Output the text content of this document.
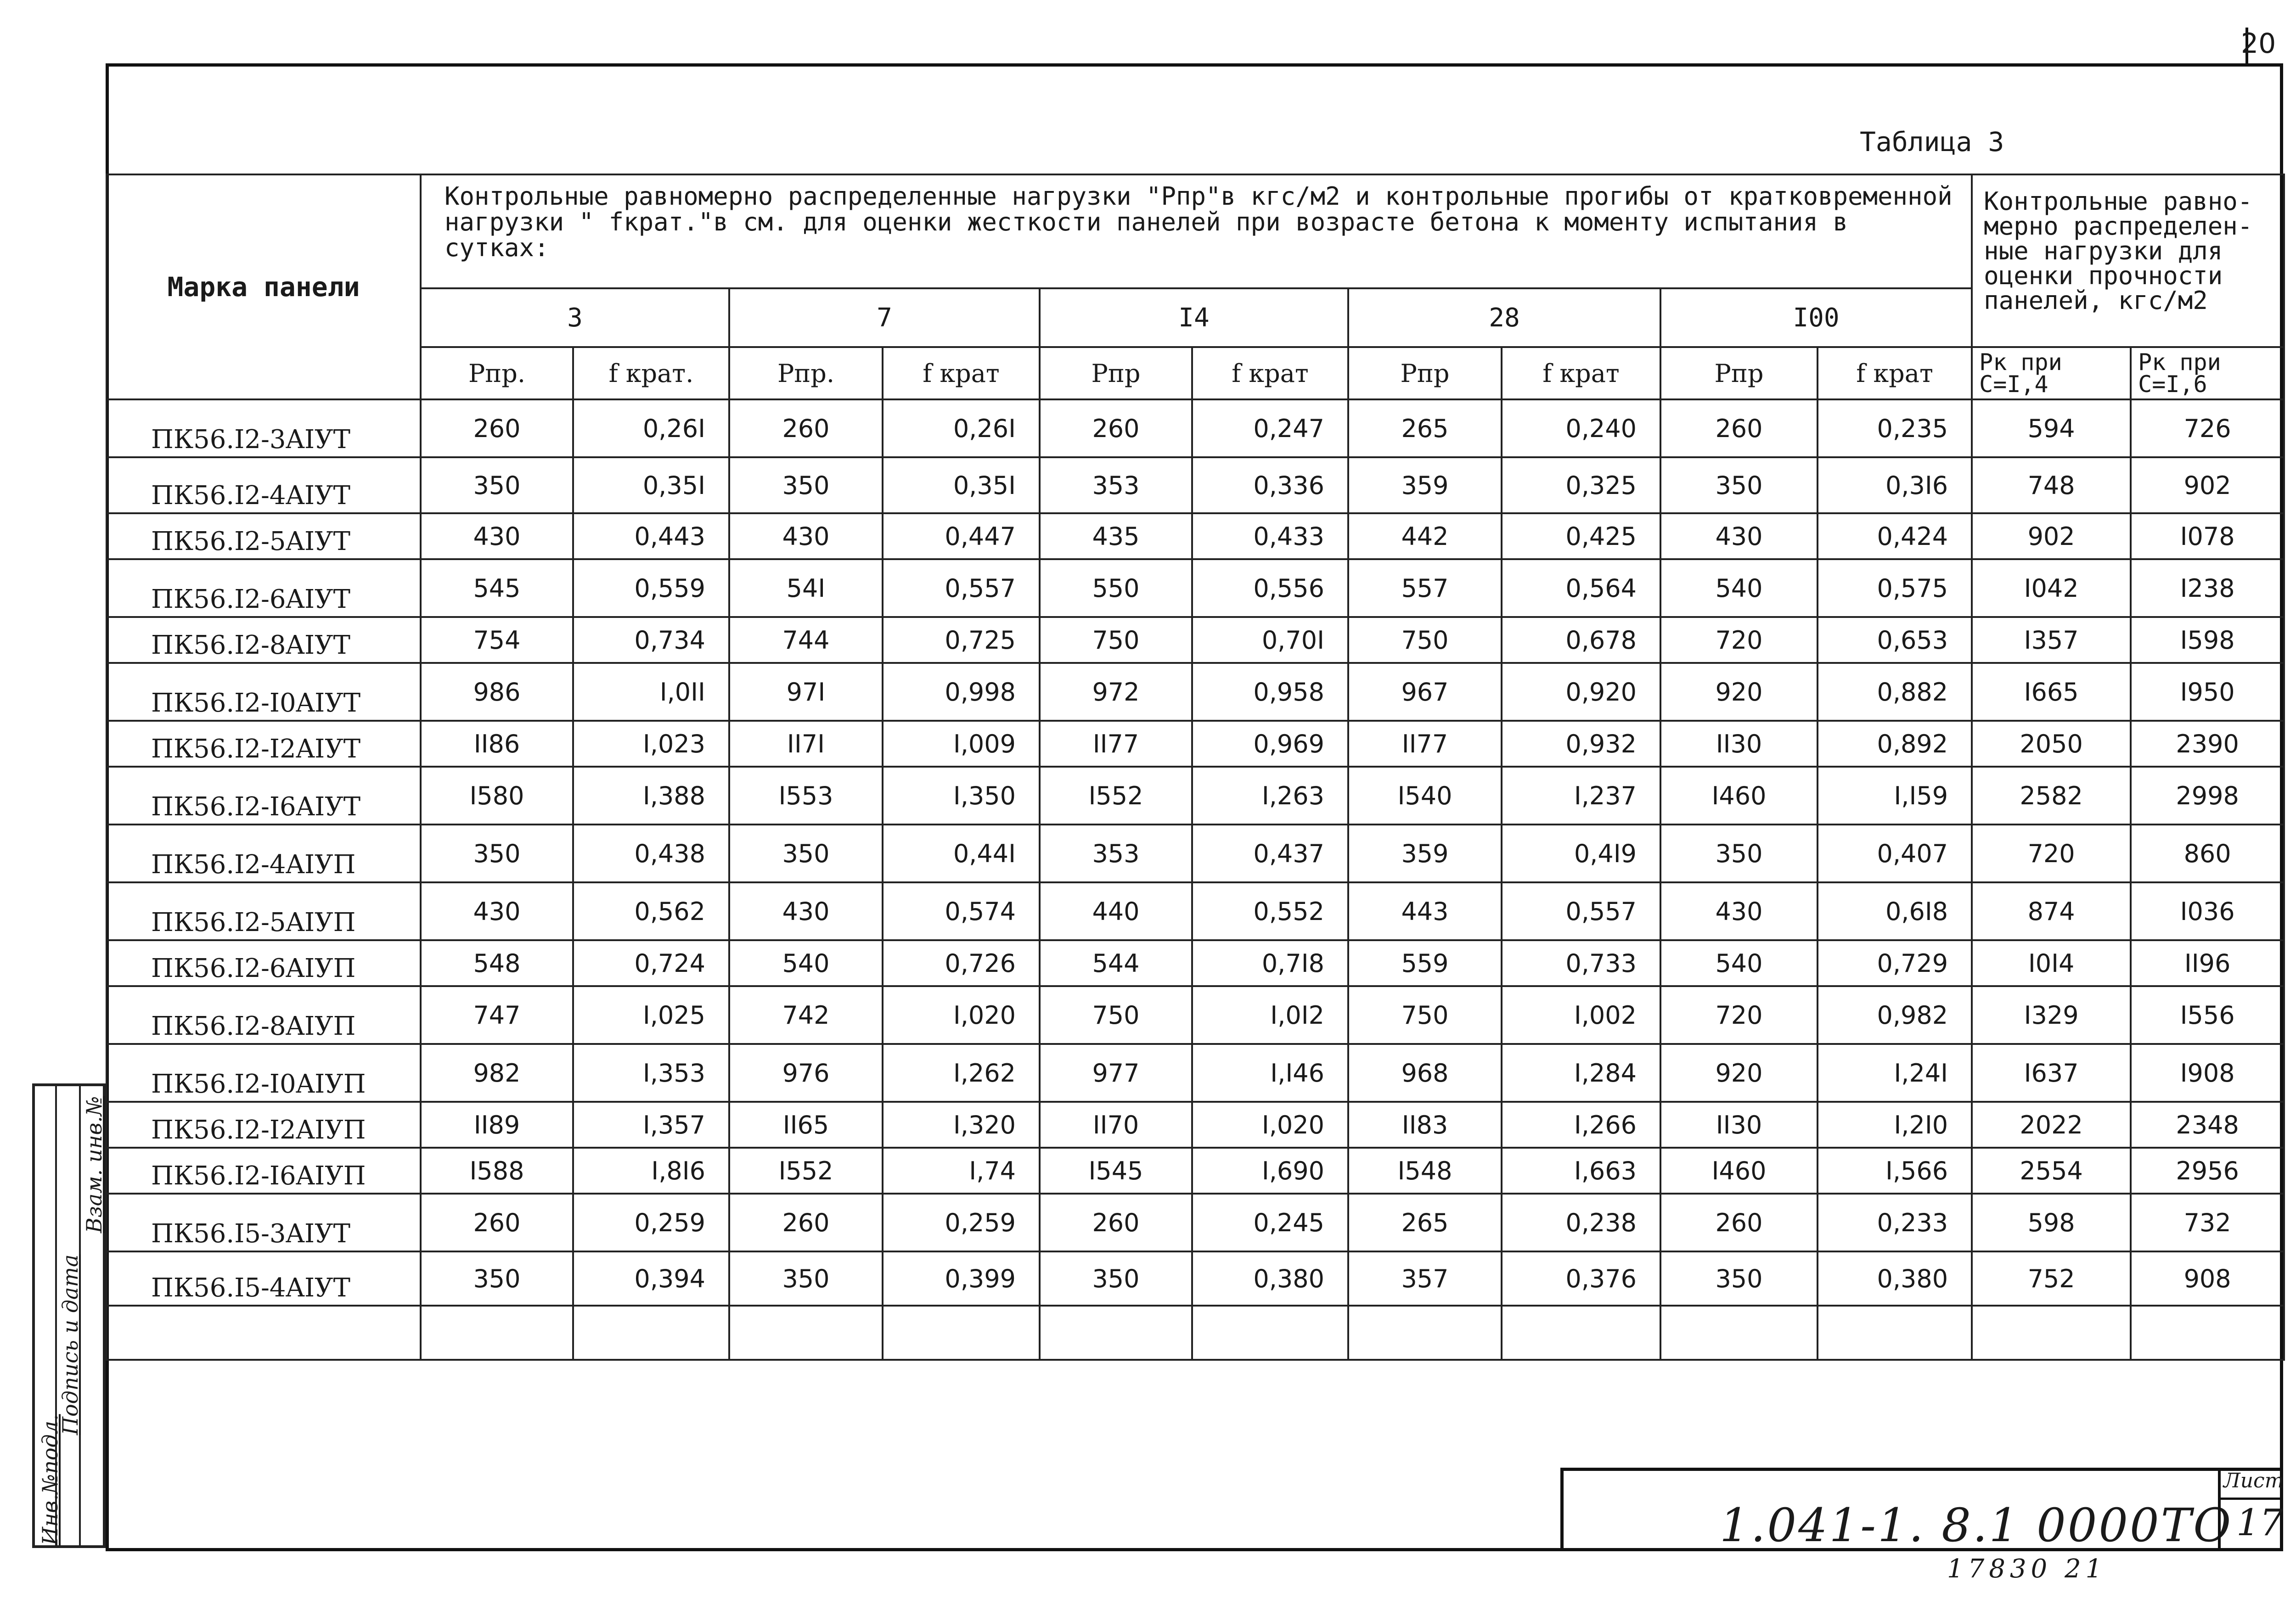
20
Таблица 3
Марка панели	Контрольные равномерно распределенные нагрузки "Рпр"в кгс/м2 и контрольные прогибы от кратковременной нагрузки " fкрат."в см. для оценки жесткости панелей при возрасте бетона к моменту испытания в сутках:										Контрольные равно- мерно распределен- ные нагрузки для оценки прочности панелей, кгс/м2	
	3		7		I4		28		I00			
	Рпр.	f крат.	Рпр.	f крат	Рпр	f крат	Рпр	f крат	Рпр	f крат	Рк при С=I,4	Рк при С=I,6
ПК56.I2-3AIУТ	260	0,26I	260	0,26I	260	0,247	265	0,240	260	0,235	594	726
ПК56.I2-4AIУТ	350	0,35I	350	0,35I	353	0,336	359	0,325	350	0,3I6	748	902
ПК56.I2-5AIУТ	430	0,443	430	0,447	435	0,433	442	0,425	430	0,424	902	I078
ПК56.I2-6AIУТ	545	0,559	54I	0,557	550	0,556	557	0,564	540	0,575	I042	I238
ПК56.I2-8AIУТ	754	0,734	744	0,725	750	0,70I	750	0,678	720	0,653	I357	I598
ПК56.I2-I0AIУТ	986	I,0II	97I	0,998	972	0,958	967	0,920	920	0,882	I665	I950
ПК56.I2-I2AIУТ	II86	I,023	II7I	I,009	II77	0,969	II77	0,932	II30	0,892	2050	2390
ПК56.I2-I6AIУТ	I580	I,388	I553	I,350	I552	I,263	I540	I,237	I460	I,I59	2582	2998
ПК56.I2-4AIУП	350	0,438	350	0,44I	353	0,437	359	0,4I9	350	0,407	720	860
ПК56.I2-5AIУП	430	0,562	430	0,574	440	0,552	443	0,557	430	0,6I8	874	I036
ПК56.I2-6AIУП	548	0,724	540	0,726	544	0,7I8	559	0,733	540	0,729	I0I4	II96
ПК56.I2-8AIУП	747	I,025	742	I,020	750	I,0I2	750	I,002	720	0,982	I329	I556
ПК56.I2-I0AIУП	982	I,353	976	I,262	977	I,I46	968	I,284	920	I,24I	I637	I908
ПК56.I2-I2AIУП	II89	I,357	II65	I,320	II70	I,020	II83	I,266	II30	I,2I0	2022	2348
ПК56.I2-I6AIУП	I588	I,8I6	I552	I,74	I545	I,690	I548	I,663	I460	I,566	2554	2956
ПК56.I5-3AIУТ	260	0,259	260	0,259	260	0,245	265	0,238	260	0,233	598	732
ПК56.I5-4AIУТ	350	0,394	350	0,399	350	0,380	357	0,376	350	0,380	752	908

Инв.№подл.
Подпись и дата
Взам. инв.№
1.041-1. 8.1 0000ТО
Лист
17
17830 21
